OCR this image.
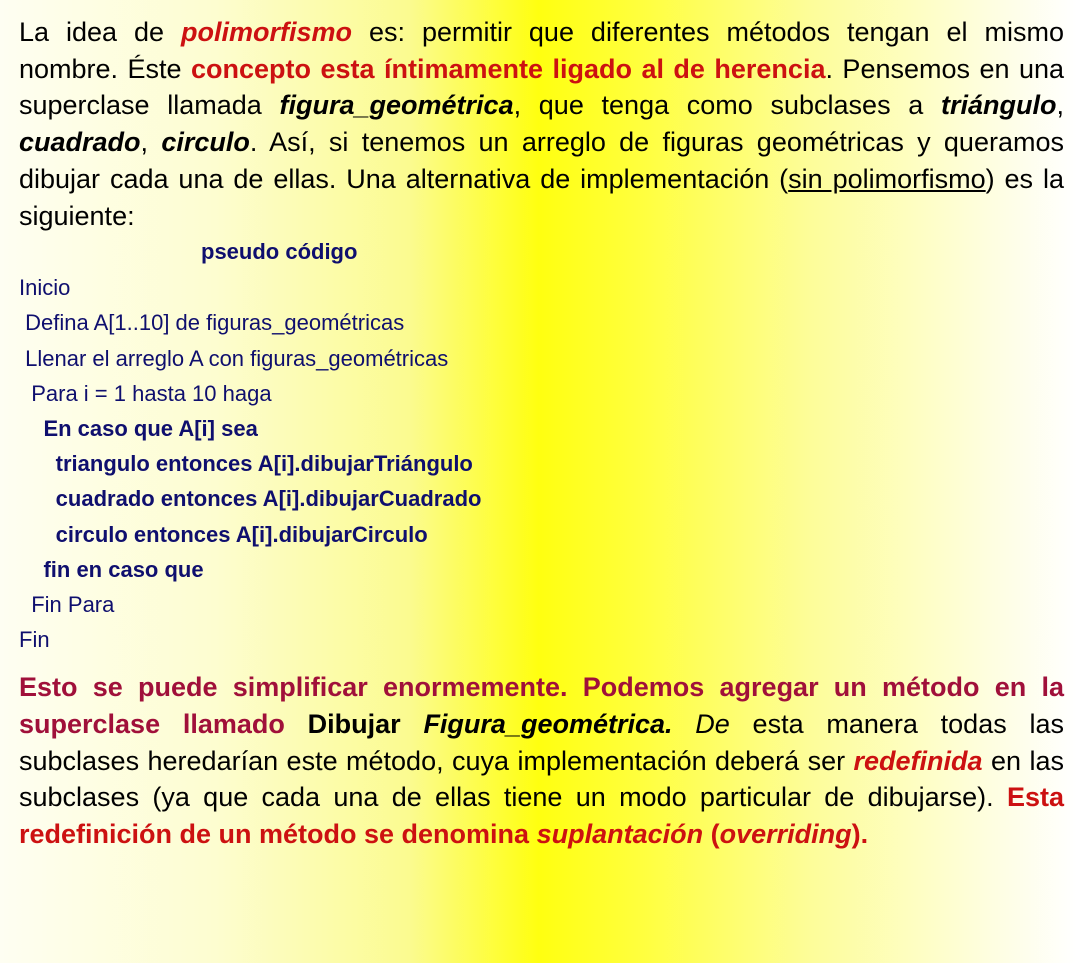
La idea de polimorfismo es: permitir que diferentes métodos tengan el mismo nombre. Éste concepto esta íntimamente ligado al de herencia. Pensemos en una superclase llamada figura_geométrica, que tenga como subclases a triángulo, cuadrado, circulo. Así, si tenemos un arreglo de figuras geométricas y queramos dibujar cada una de ellas. Una alternativa de implementación (sin polimorfismo) es la siguiente:

pseudo código
Inicio
Defina A[1..10] de figuras_geométricas
Llenar el arreglo A con figuras_geométricas
Para i = 1 hasta 10 haga
En caso que A[i] sea
triangulo entonces A[i].dibujarTriángulo
cuadrado entonces A[i].dibujarCuadrado
circulo entonces A[i].dibujarCirculo
fin en caso que
Fin Para
Fin

Esto se puede simplificar enormemente. Podemos agregar un método en la superclase llamado Dibujar Figura_geométrica. De esta manera todas las subclases heredarían este método, cuya implementación deberá ser redefinida en las subclases (ya que cada una de ellas tiene un modo particular de dibujarse). Esta redefinición de un método se denomina suplantación (overriding).
